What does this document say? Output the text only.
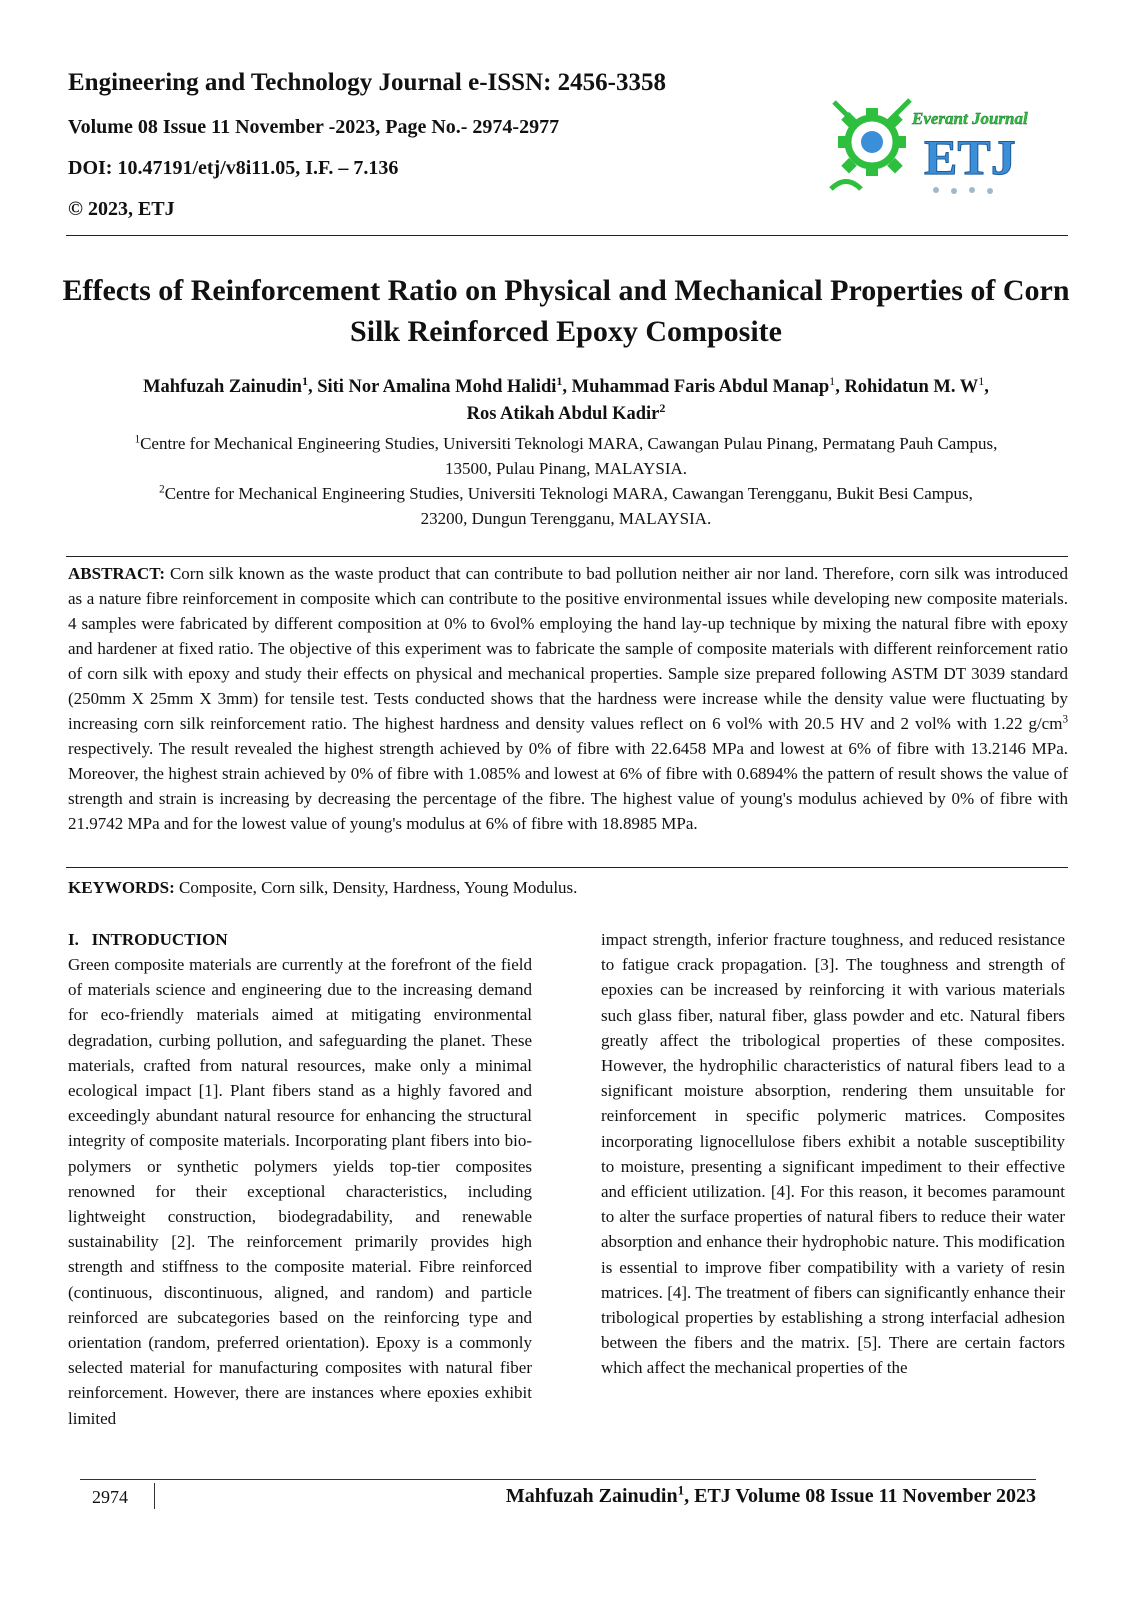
Engineering and Technology Journal e-ISSN: 2456-3358

Volume 08 Issue 11 November -2023, Page No.- 2974-2977

DOI: 10.47191/etj/v8i11.05, I.F. – 7.136

© 2023, ETJ

Everant Journal
ETJ
Effects of Reinforcement Ratio on Physical and Mechanical Properties of Corn Silk Reinforced Epoxy Composite
Mahfuzah Zainudin$^1$, Siti Nor Amalina Mohd Halidi$^1$, Muhammad Faris Abdul Manap$^1$, Rohidatun M. $W^1$,
Ros Atikah Abdul Kadir$^2$
$^1$Centre for Mechanical Engineering Studies, Universiti Teknologi MARA, Cawangan Pulau Pinang, Permatang Pauh Campus,
13500, Pulau Pinang, MALAYSIA.
$^2$Centre for Mechanical Engineering Studies, Universiti Teknologi MARA, Cawangan Terengganu, Bukit Besi Campus,
23200, Dungun Terengganu, MALAYSIA.

ABSTRACT: Corn silk known as the waste product that can contribute to bad pollution neither air nor land. Therefore, corn silk was introduced as a nature fibre reinforcement in composite which can contribute to the positive environmental issues while developing new composite materials. 4 samples were fabricated by different composition at 0% to 6vol% employing the hand lay-up technique by mixing the natural fibre with epoxy and hardener at fixed ratio. The objective of this experiment was to fabricate the sample of composite materials with different reinforcement ratio of corn silk with epoxy and study their effects on physical and mechanical properties. Sample size prepared following ASTM DT 3039 standard (250mm X 25mm X 3mm) for tensile test. Tests conducted shows that the hardness were increase while the density value were fluctuating by increasing corn silk reinforcement ratio. The highest hardness and density values reflect on 6 vol% with 20.5 HV and 2 vol% with 1.22 $g/cm^3$ respectively. The result revealed the highest strength achieved by 0% of fibre with 22.6458 MPa and lowest at 6% of fibre with 13.2146 MPa. Moreover, the highest strain achieved by 0% of fibre with 1.085% and lowest at 6% of fibre with 0.6894% the pattern of result shows the value of strength and strain is increasing by decreasing the percentage of the fibre. The highest value of young's modulus achieved by 0% of fibre with 21.9742 MPa and for the lowest value of young's modulus at 6% of fibre with 18.8985 MPa.

KEYWORDS: Composite, Corn silk, Density, Hardness, Young Modulus.

I.   INTRODUCTION

Green composite materials are currently at the forefront of the field of materials science and engineering due to the increasing demand for eco-friendly materials aimed at mitigating environmental degradation, curbing pollution, and safeguarding the planet. These materials, crafted from natural resources, make only a minimal ecological impact [1]. Plant fibers stand as a highly favored and exceedingly abundant natural resource for enhancing the structural integrity of composite materials. Incorporating plant fibers into bio-polymers or synthetic polymers yields top-tier composites renowned for their exceptional characteristics, including lightweight construction, biodegradability, and renewable sustainability [2]. The reinforcement primarily provides high strength and stiffness to the composite material. Fibre reinforced (continuous, discontinuous, aligned, and random) and particle reinforced are subcategories based on the reinforcing type and orientation (random, preferred orientation). Epoxy is a commonly selected material for manufacturing composites with natural fiber reinforcement. However, there are instances where epoxies exhibit limited

impact strength, inferior fracture toughness, and reduced resistance to fatigue crack propagation. [3]. The toughness and strength of epoxies can be increased by reinforcing it with various materials such glass fiber, natural fiber, glass powder and etc. Natural fibers greatly affect the tribological properties of these composites. However, the hydrophilic characteristics of natural fibers lead to a significant moisture absorption, rendering them unsuitable for reinforcement in specific polymeric matrices. Composites incorporating lignocellulose fibers exhibit a notable susceptibility to moisture, presenting a significant impediment to their effective and efficient utilization. [4]. For this reason, it becomes paramount to alter the surface properties of natural fibers to reduce their water absorption and enhance their hydrophobic nature. This modification is essential to improve fiber compatibility with a variety of resin matrices. [4]. The treatment of fibers can significantly enhance their tribological properties by establishing a strong interfacial adhesion between the fibers and the matrix. [5]. There are certain factors which affect the mechanical properties of the

2974	Mahfuzah Zainudin$^1$, ETJ Volume 08 Issue 11 November 2023
